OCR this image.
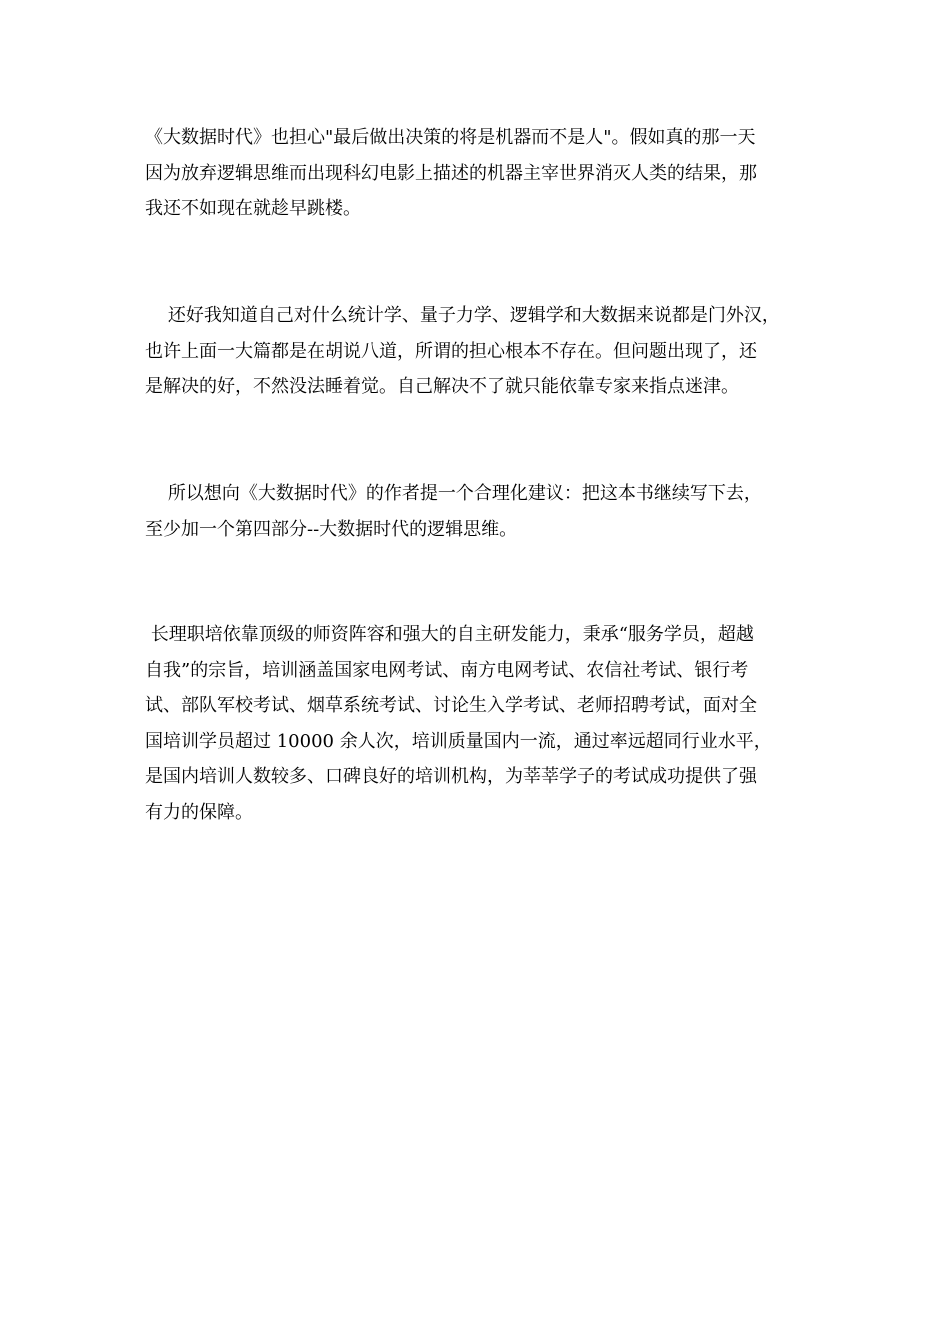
《大数据时代》也担心"最后做出决策的将是机器而不是人"。假如真的那一天
因为放弃逻辑思维而出现科幻电影上描述的机器主宰世界消灭人类的结果，那
我还不如现在就趁早跳楼。
还好我知道自己对什么统计学、量子力学、逻辑学和大数据来说都是门外汉，
也许上面一大篇都是在胡说八道，所谓的担心根本不存在。但问题出现了，还
是解决的好，不然没法睡着觉。自己解决不了就只能依靠专家来指点迷津。
所以想向《大数据时代》的作者提一个合理化建议：把这本书继续写下去，
至少加一个第四部分--大数据时代的逻辑思维。
长理职培依靠顶级的师资阵容和强大的自主研发能力，秉承“服务学员，超越
自我”的宗旨，培训涵盖国家电网考试、南方电网考试、农信社考试、银行考
试、部队军校考试、烟草系统考试、讨论生入学考试、老师招聘考试，面对全
国培训学员超过 10000 余人次，培训质量国内一流，通过率远超同行业水平，
是国内培训人数较多、口碑良好的培训机构，为莘莘学子的考试成功提供了强
有力的保障。
